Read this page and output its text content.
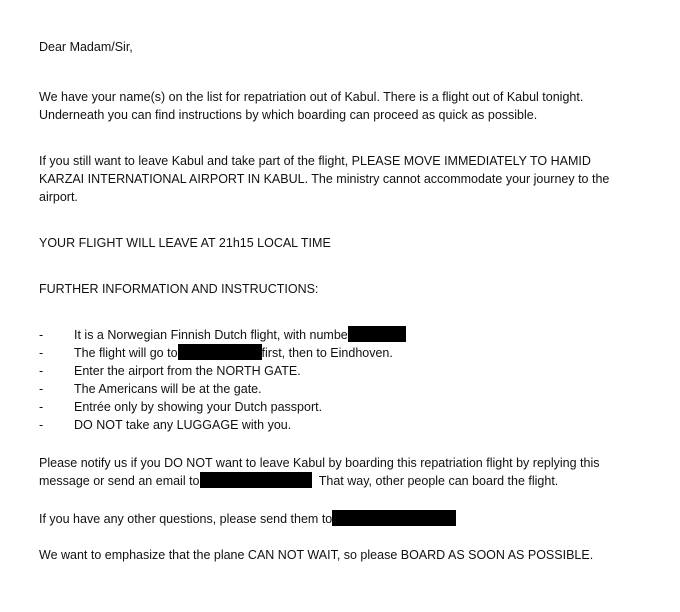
Dear Madam/Sir,

We have your name(s) on the list for repatriation out of Kabul. There is a flight out of Kabul tonight. Underneath you can find instructions by which boarding can proceed as quick as possible.

If you still want to leave Kabul and take part of the flight, PLEASE MOVE IMMEDIATELY TO HAMID KARZAI INTERNATIONAL AIRPORT IN KABUL. The ministry cannot accommodate your journey to the airport.

YOUR FLIGHT WILL LEAVE AT 21h15 LOCAL TIME

FURTHER INFORMATION AND INSTRUCTIONS:

- It is a Norwegian Finnish Dutch flight, with numbe
- The flight will go to	first, then to Eindhoven.
- Enter the airport from the NORTH GATE.
- The Americans will be at the gate.
- Entrée only by showing your Dutch passport.
- DO NOT take any LUGGAGE with you.

Please notify us if you DO NOT want to leave Kabul by boarding this repatriation flight by replying this message or send an email to	That way, other people can board the flight.

If you have any other questions, please send them to

We want to emphasize that the plane CAN NOT WAIT, so please BOARD AS SOON AS POSSIBLE.
